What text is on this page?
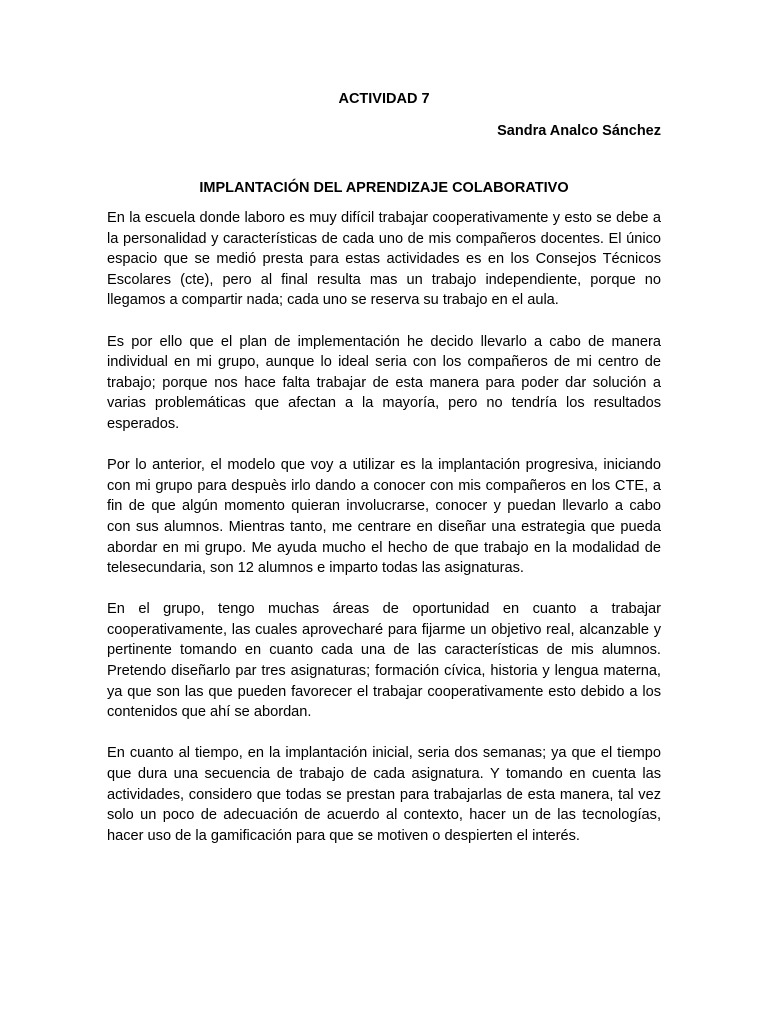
ACTIVIDAD 7
Sandra Analco Sánchez
IMPLANTACIÓN DEL APRENDIZAJE COLABORATIVO

En la escuela donde laboro es muy difícil trabajar cooperativamente y esto se debe a la personalidad y características de cada uno de mis compañeros docentes. El único espacio que se medió presta para estas actividades es en los Consejos Técnicos Escolares (cte), pero al final resulta mas un trabajo independiente, porque no llegamos a compartir nada; cada uno se reserva su trabajo en el aula.

Es por ello que el plan de implementación he decido llevarlo a cabo de manera individual en mi grupo, aunque lo ideal seria con los compañeros de mi centro de trabajo; porque nos hace falta trabajar de esta manera para poder dar solución a varias problemáticas que afectan a la mayoría, pero no tendría los resultados esperados.

Por lo anterior, el modelo que voy a utilizar es la implantación progresiva, iniciando con mi grupo para despuès irlo dando a conocer con mis compañeros en los CTE, a fin de que algún momento quieran involucrarse, conocer y puedan llevarlo a cabo con sus alumnos. Mientras tanto, me centrare en diseñar una estrategia que pueda abordar en mi grupo. Me ayuda mucho el hecho de que trabajo en la modalidad de telesecundaria, son 12 alumnos e imparto todas las asignaturas.

En el grupo, tengo muchas áreas de oportunidad en cuanto a trabajar cooperativamente, las cuales aprovecharé para fijarme un objetivo real, alcanzable y pertinente tomando en cuanto cada una de las características de mis alumnos. Pretendo diseñarlo par tres asignaturas; formación cívica, historia y lengua materna, ya que son las que pueden favorecer el trabajar cooperativamente esto debido a los contenidos que ahí se abordan.

En cuanto al tiempo, en la implantación inicial, seria dos semanas; ya que el tiempo que dura una secuencia de trabajo de cada asignatura. Y tomando en cuenta las actividades, considero que todas se prestan para trabajarlas de esta manera, tal vez solo un poco de adecuación de acuerdo al contexto, hacer un de las tecnologías, hacer uso de la gamificación para que se motiven o despierten el interés.
